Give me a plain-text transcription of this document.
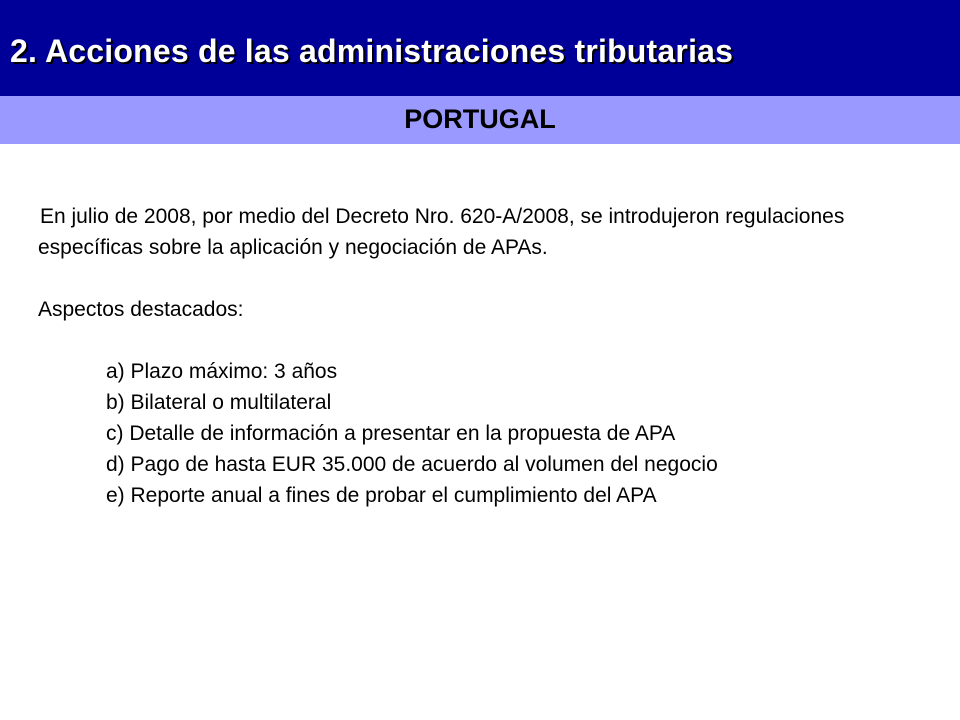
2. Acciones de las administraciones tributarias
PORTUGAL

En julio de 2008, por medio del Decreto Nro. 620-A/2008, se introdujeron regulaciones específicas sobre la aplicación y negociación de APAs.

Aspectos destacados:

a) Plazo máximo: 3 años
b) Bilateral o multilateral
c) Detalle de información a presentar en la propuesta de APA
d) Pago de hasta EUR 35.000 de acuerdo al volumen del negocio
e) Reporte anual a fines de probar el cumplimiento del APA
